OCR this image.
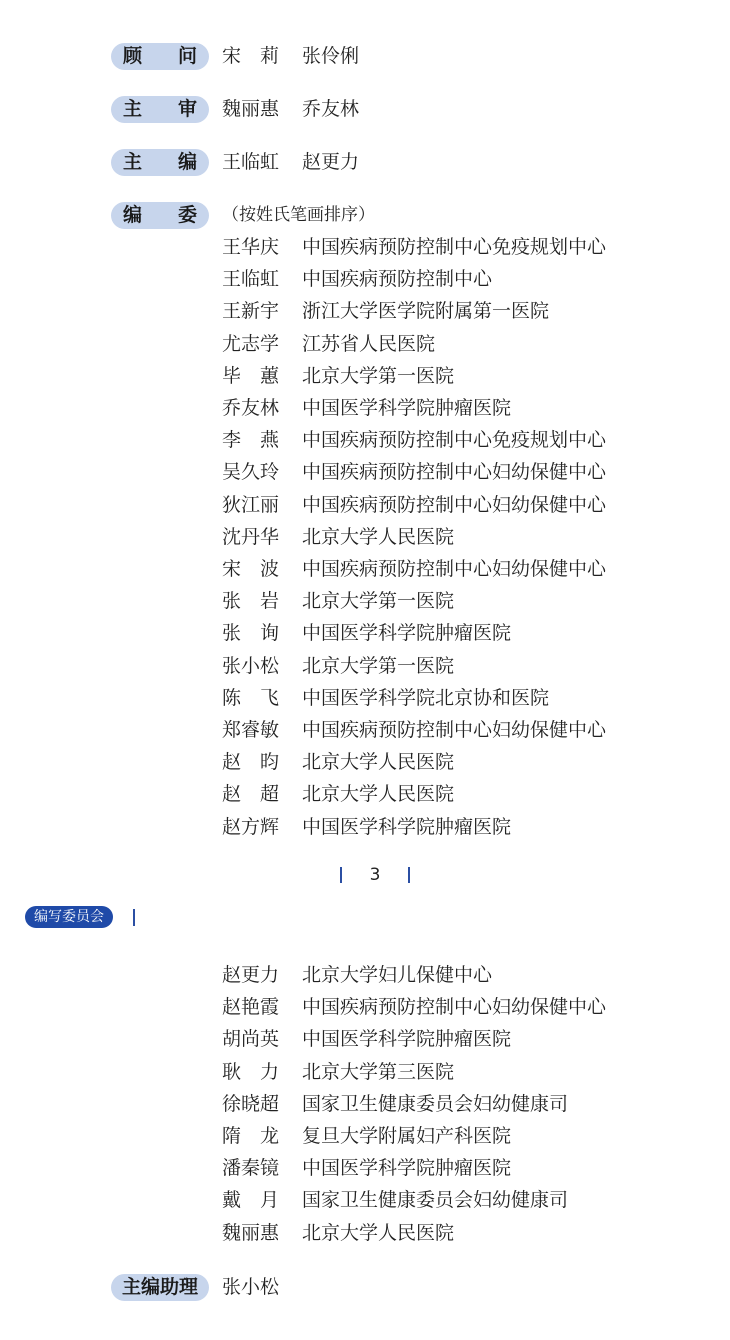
顾 问 宋　莉 张伶俐
主 审 魏丽惠 乔友林
主 编 王临虹 赵更力
编 委 （按姓氏笔画排序）
王华庆 中国疾病预防控制中心免疫规划中心
王临虹 中国疾病预防控制中心
王新宇 浙江大学医学院附属第一医院
尤志学 江苏省人民医院
毕　蕙 北京大学第一医院
乔友林 中国医学科学院肿瘤医院
李　燕 中国疾病预防控制中心免疫规划中心
吴久玲 中国疾病预防控制中心妇幼保健中心
狄江丽 中国疾病预防控制中心妇幼保健中心
沈丹华 北京大学人民医院
宋　波 中国疾病预防控制中心妇幼保健中心
张　岩 北京大学第一医院
张　询 中国医学科学院肿瘤医院
张小松 北京大学第一医院
陈　飞 中国医学科学院北京协和医院
郑睿敏 中国疾病预防控制中心妇幼保健中心
赵　昀 北京大学人民医院
赵　超 北京大学人民医院
赵方辉 中国医学科学院肿瘤医院
3
编写委员会
赵更力 北京大学妇儿保健中心
赵艳霞 中国疾病预防控制中心妇幼保健中心
胡尚英 中国医学科学院肿瘤医院
耿　力 北京大学第三医院
徐晓超 国家卫生健康委员会妇幼健康司
隋　龙 复旦大学附属妇产科医院
潘秦镜 中国医学科学院肿瘤医院
戴　月 国家卫生健康委员会妇幼健康司
魏丽惠 北京大学人民医院
主编助理	张小松
